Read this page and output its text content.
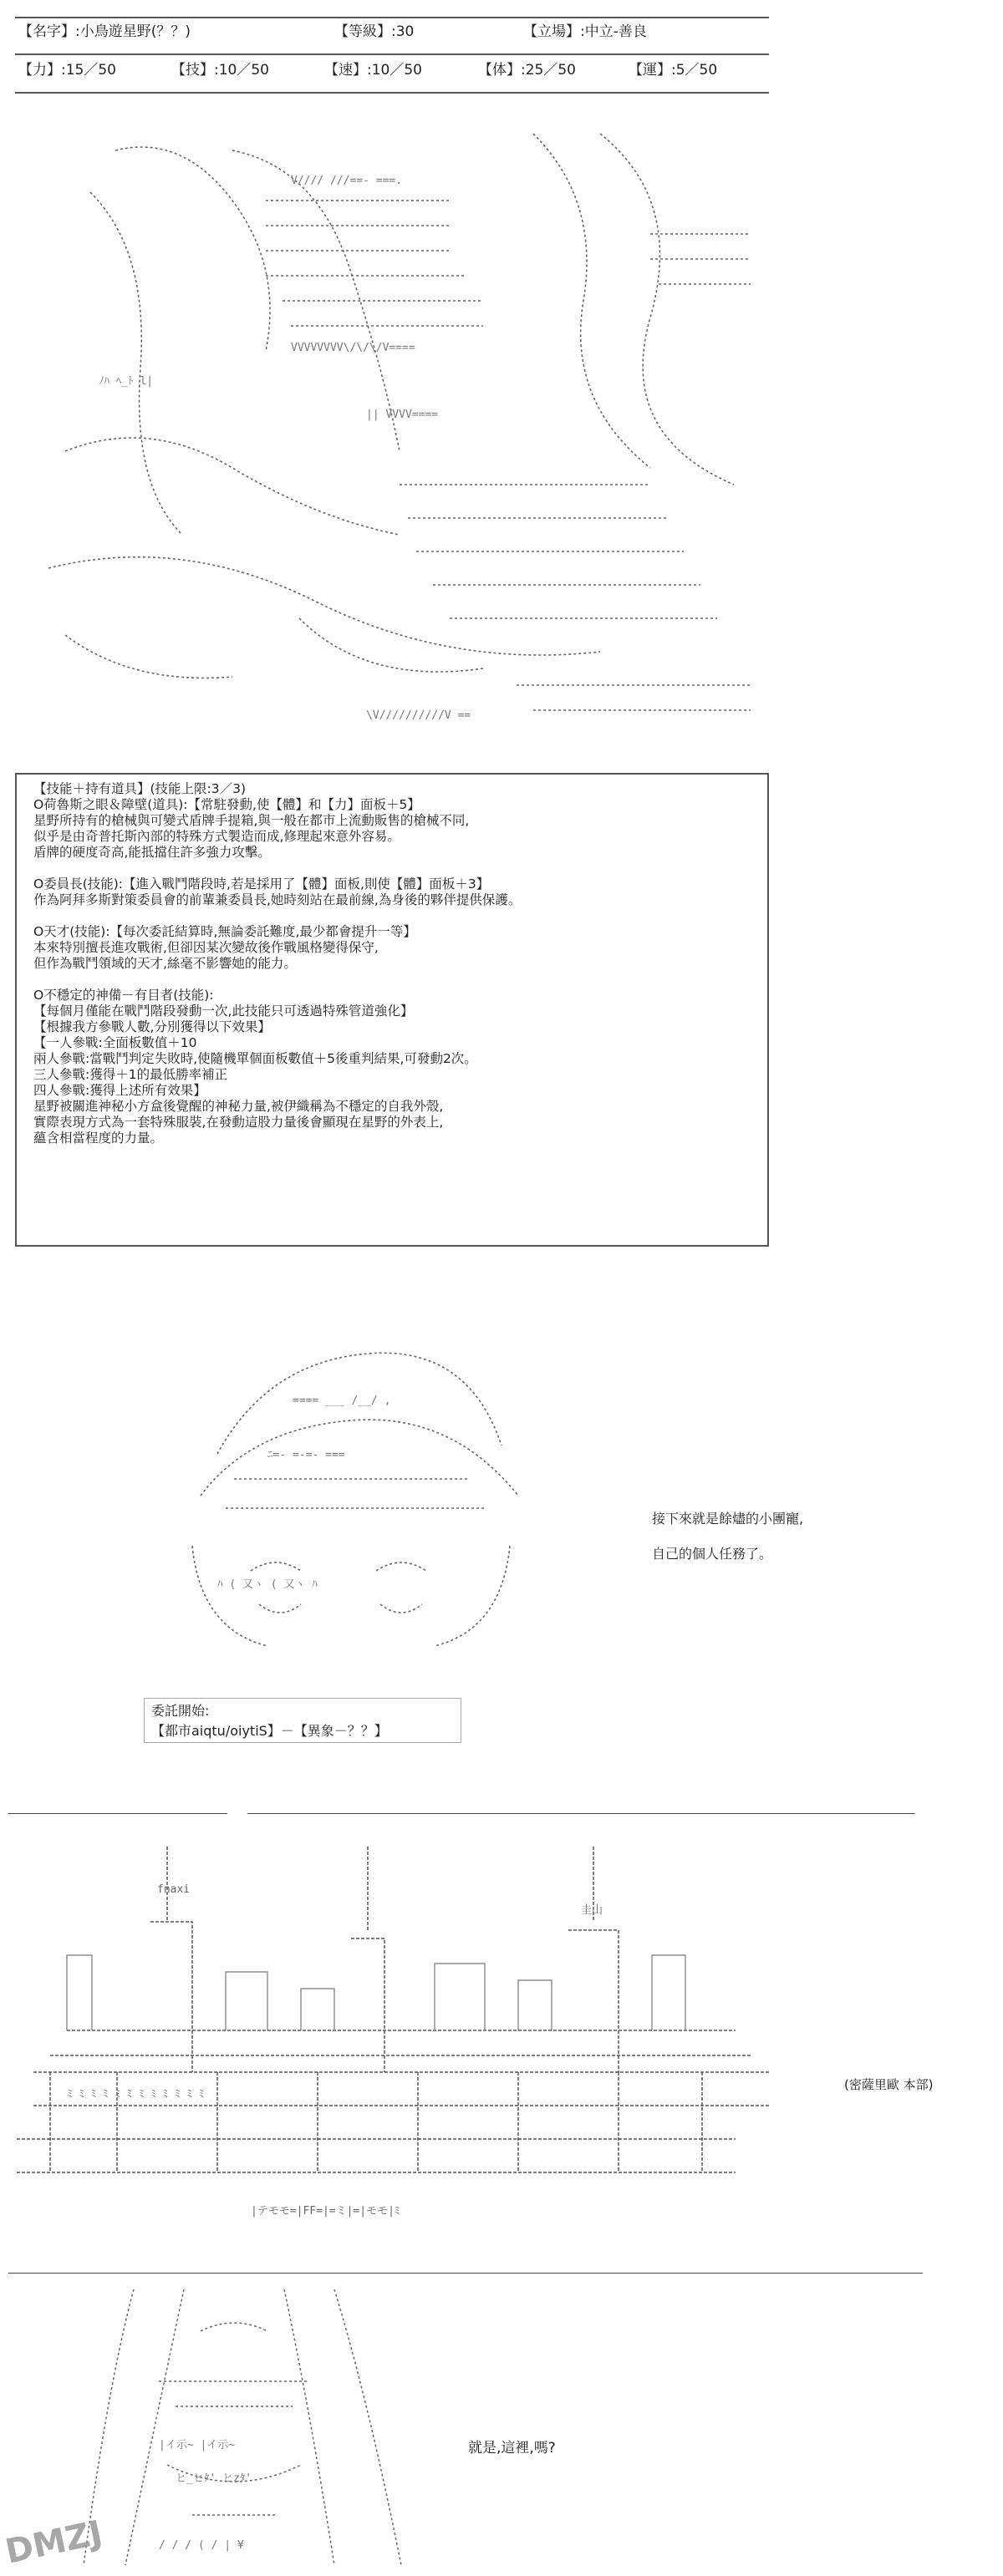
【名字】:小鳥遊星野(？？)	【等級】:30	【立場】:中立-善良
【力】:15／50	【技】:10／50	【速】:10／50	【体】:25／50	【運】:5／50
V//// ///==- ===.
VVVVVVVV\/\/\/V====
ﾉﾊ ﾍ_ﾄ l|
|| VVVV====
\V//////////V ==
【技能＋持有道具】(技能上限:3／3)
O荷魯斯之眼＆障壁(道具):【常駐發動,使【體】和【力】面板＋5】
星野所持有的槍械與可變式盾牌手提箱,與一般在都市上流動販售的槍械不同,
似乎是由奇普托斯內部的特殊方式製造而成,修理起來意外容易。
盾牌的硬度奇高,能抵擋住許多強力攻擊。
O委員長(技能):【進入戰鬥階段時,若是採用了【體】面板,則使【體】面板＋3】
作為阿拜多斯對策委員會的前輩兼委員長,她時刻站在最前線,為身後的夥伴提供保護。
O天才(技能):【每次委託結算時,無論委託難度,最少都會提升一等】
本來特別擅長進攻戰術,但卻因某次變故後作戰風格變得保守,
但作為戰鬥領域的天才,絲毫不影響她的能力。
O不穩定的神備－有目者(技能):
【每個月僅能在戰鬥階段發動一次,此技能只可透過特殊管道強化】
【根據我方參戰人數,分別獲得以下效果】
【一人參戰:全面板數值＋10
兩人參戰:當戰鬥判定失敗時,使隨機單個面板數值＋5後重判結果,可發動2次。
三人參戰:獲得＋1的最低勝率補正
四人參戰:獲得上述所有效果】
星野被關進神秘小方盒後覺醒的神秘力量,被伊織稱為不穩定的自我外殼,
實際表現方式為一套特殊服裝,在發動這股力量後會顯現在星野的外表上,
蘊含相當程度的力量。
==== ___ /__/ ,
ﾆ=- =-=- ===
ﾊ ( 又ヽ ( 又ヽ ﾊ
接下來就是餘燼的小團寵,
自己的個人任務了。
委託開始:
【都市aiqtu/oiytiS】－【異象－？？】
fnaxi
圭山
ﾐ ﾐ ﾐ ﾐ ﾐ ﾐ ﾐ ﾐ ﾐ ﾐ ﾐ ﾐ
|テモモ=|FF=|=ミ|=|モモ|ﾐ
(密薩里歐 本部)
|イ示~ |イ示~
ヒ_ヒﾀ' ヒzﾀ'
/ / / ( / | ¥
就是,這裡,嗎?
DMZJ
